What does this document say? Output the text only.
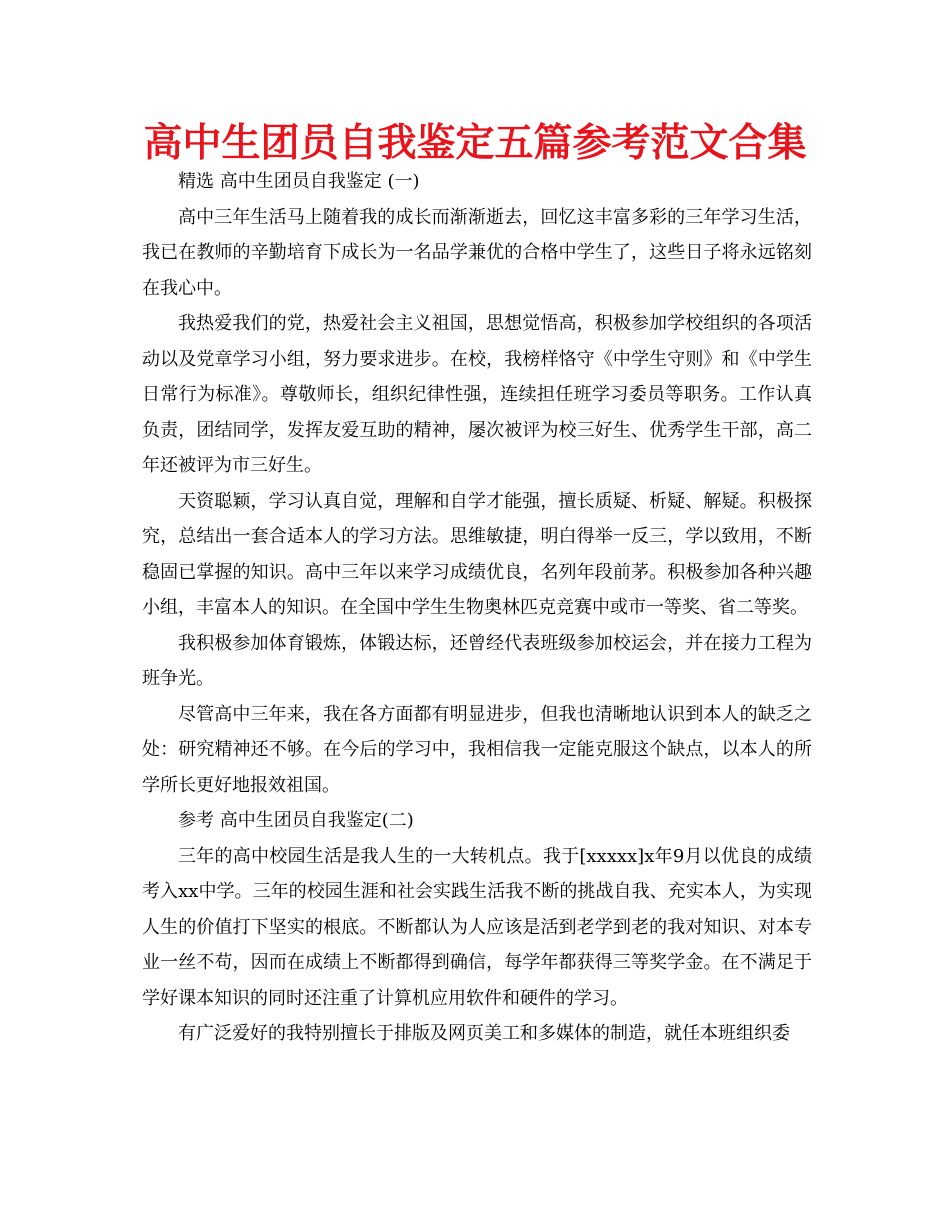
高中生团员自我鉴定五篇参考范文合集

精选 高中生团员自我鉴定 (一)

高中三年生活马上随着我的成长而渐渐逝去，回忆这丰富多彩的三年学习生活，我已在教师的辛勤培育下成长为一名品学兼优的合格中学生了，这些日子将永远铭刻在我心中。

我热爱我们的党，热爱社会主义祖国，思想觉悟高，积极参加学校组织的各项活动以及党章学习小组，努力要求进步。在校，我榜样恪守《中学生守则》和《中学生日常行为标准》。尊敬师长，组织纪律性强，连续担任班学习委员等职务。工作认真负责，团结同学，发挥友爱互助的精神，屡次被评为校三好生、优秀学生干部，高二年还被评为市三好生。

天资聪颖，学习认真自觉，理解和自学才能强，擅长质疑、析疑、解疑。积极探究，总结出一套合适本人的学习方法。思维敏捷，明白得举一反三，学以致用，不断稳固已掌握的知识。高中三年以来学习成绩优良，名列年段前茅。积极参加各种兴趣小组，丰富本人的知识。在全国中学生生物奥林匹克竞赛中或市一等奖、省二等奖。

我积极参加体育锻炼，体锻达标，还曾经代表班级参加校运会，并在接力工程为班争光。

尽管高中三年来，我在各方面都有明显进步，但我也清晰地认识到本人的缺乏之处：研究精神还不够。在今后的学习中，我相信我一定能克服这个缺点，以本人的所学所长更好地报效祖国。

参考 高中生团员自我鉴定(二)

三年的高中校园生活是我人生的一大转机点。我于[xxxxx]x年9月以优良的成绩考入xx中学。三年的校园生涯和社会实践生活我不断的挑战自我、充实本人，为实现人生的价值打下坚实的根底。不断都认为人应该是活到老学到老的我对知识、对本专业一丝不苟，因而在成绩上不断都得到确信，每学年都获得三等奖学金。在不满足于学好课本知识的同时还注重了计算机应用软件和硬件的学习。

有广泛爱好的我特别擅长于排版及网页美工和多媒体的制造，就任本班组织委
